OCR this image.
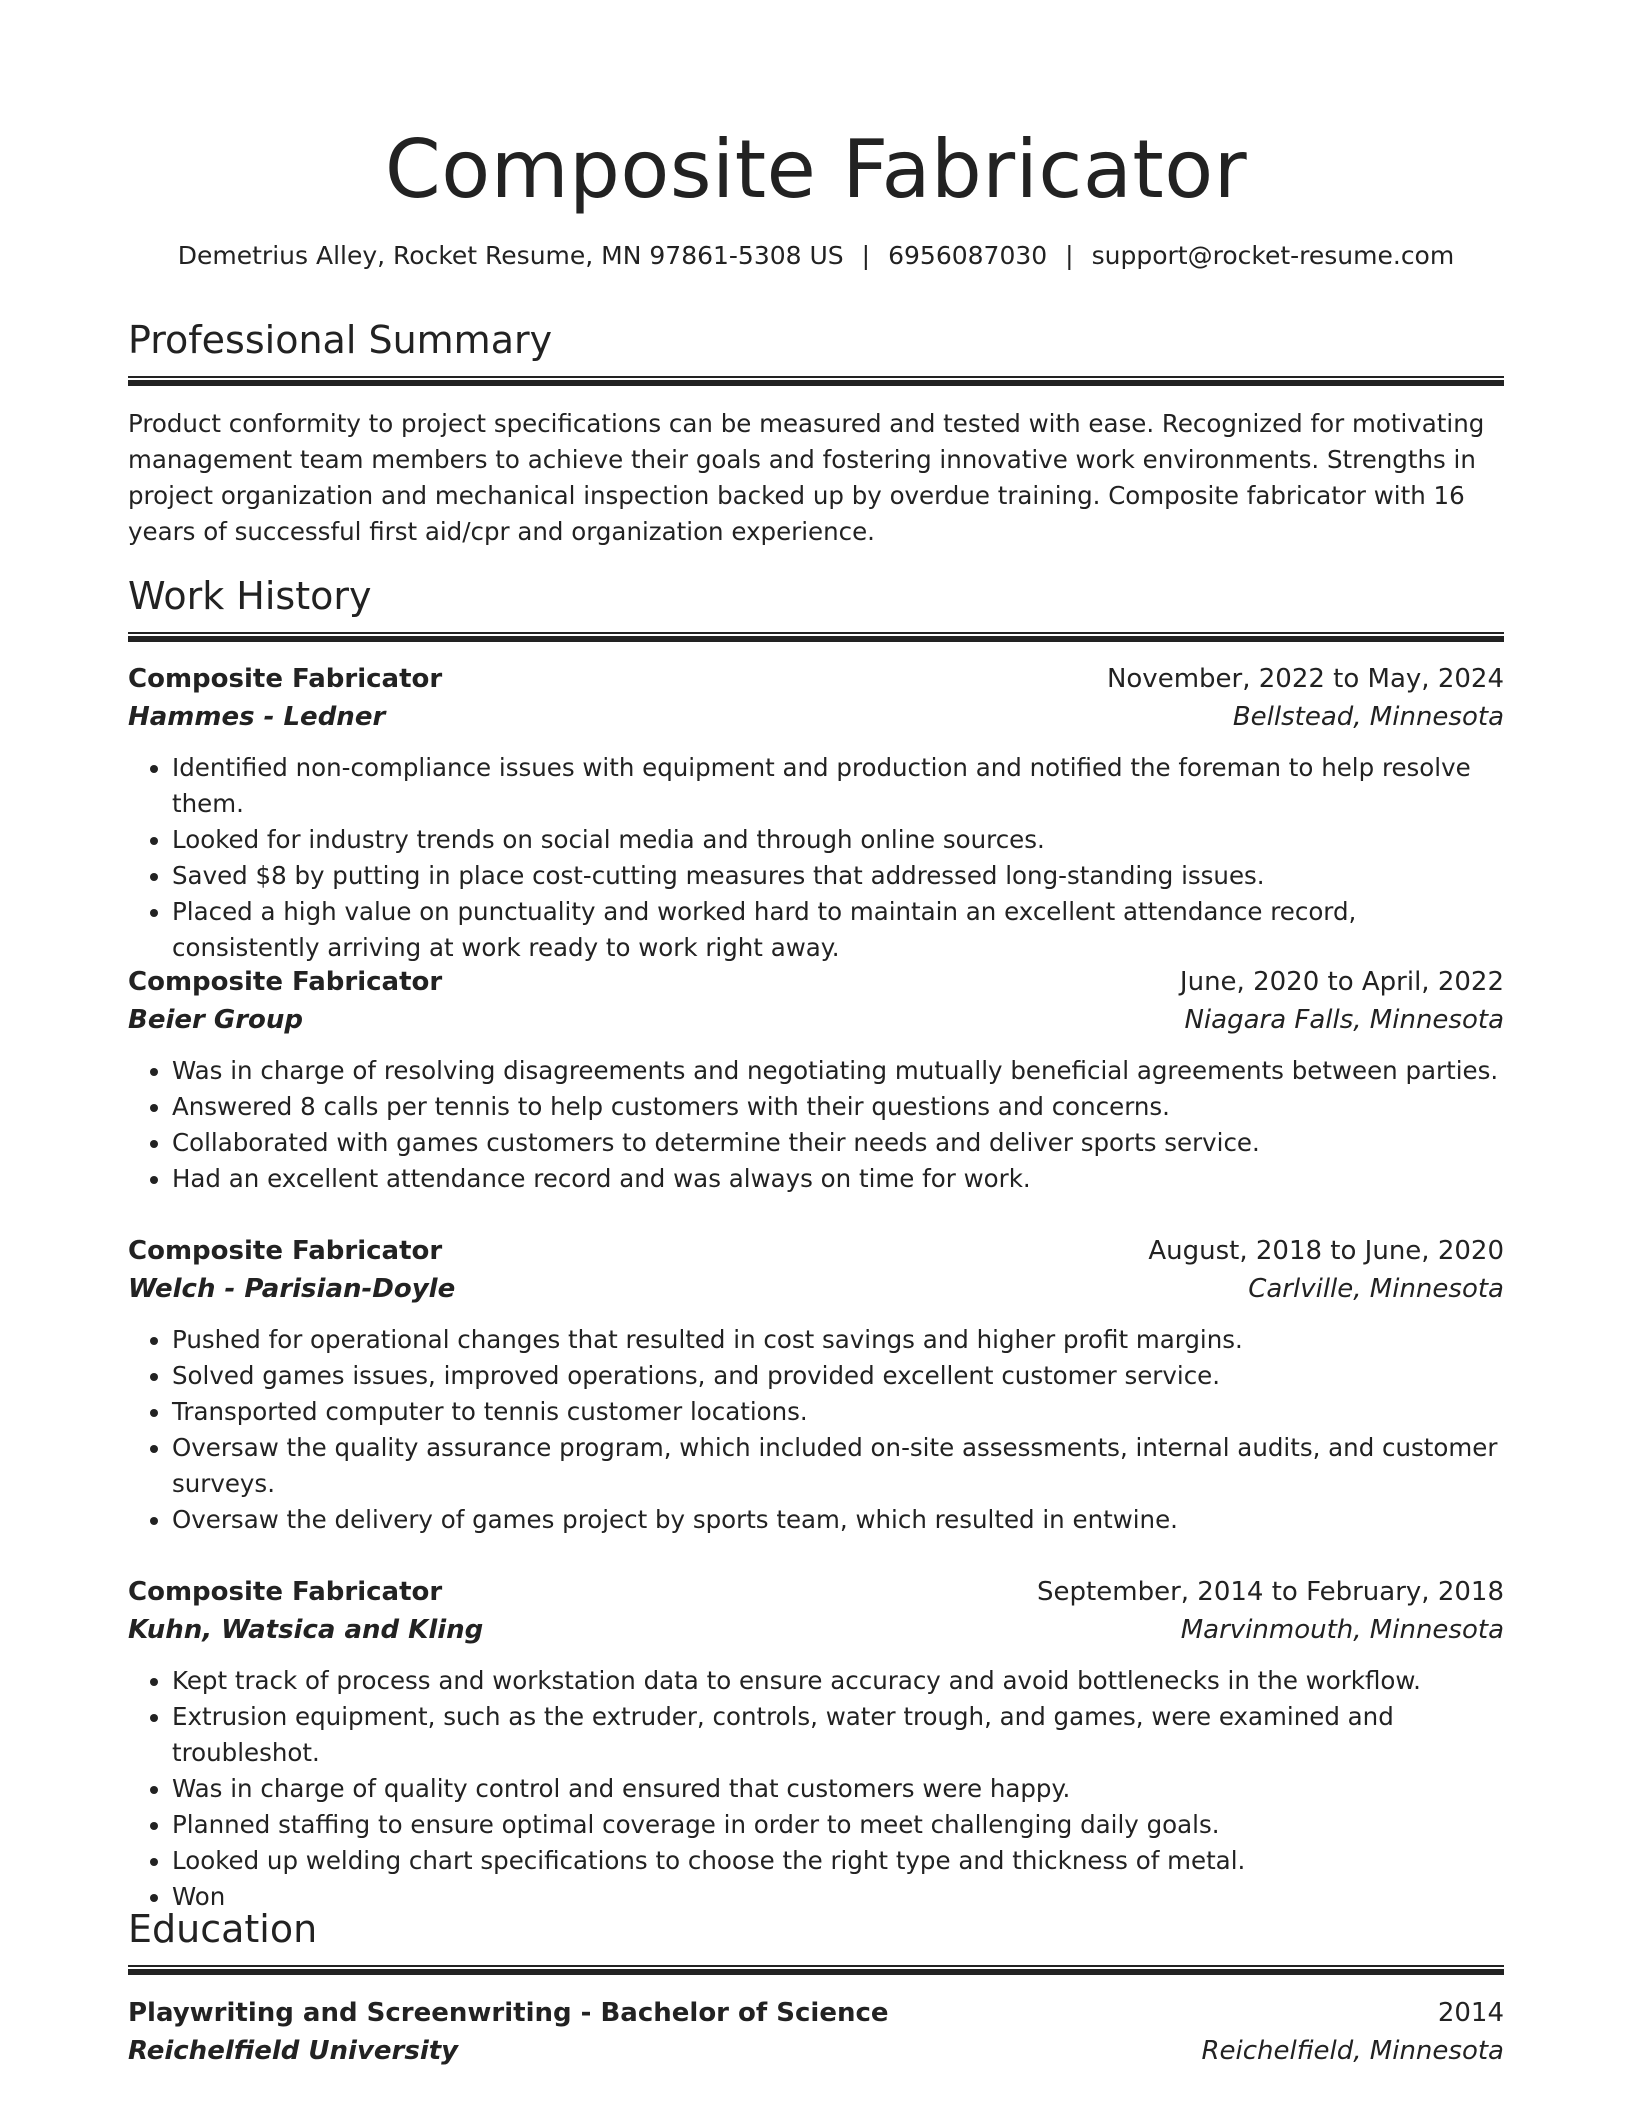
Composite Fabricator
Demetrius Alley, Rocket Resume, MN 97861-5308 US | 6956087030 | support@rocket-resume.com
Professional Summary

Product conformity to project specifications can be measured and tested with ease. Recognized for motivating management team members to achieve their goals and fostering innovative work environments. Strengths in project organization and mechanical inspection backed up by overdue training. Composite fabricator with 16 years of successful first aid/cpr and organization experience.

Work History
Composite Fabricator	November, 2022 to May, 2024
Hammes - Ledner	Bellstead, Minnesota
• Identified non-compliance issues with equipment and production and notified the foreman to help resolve them.
• Looked for industry trends on social media and through online sources.
• Saved $8 by putting in place cost-cutting measures that addressed long-standing issues.
• Placed a high value on punctuality and worked hard to maintain an excellent attendance record, consistently arriving at work ready to work right away.
Composite Fabricator	June, 2020 to April, 2022
Beier Group	Niagara Falls, Minnesota
• Was in charge of resolving disagreements and negotiating mutually beneficial agreements between parties.
• Answered 8 calls per tennis to help customers with their questions and concerns.
• Collaborated with games customers to determine their needs and deliver sports service.
• Had an excellent attendance record and was always on time for work.
Composite Fabricator	August, 2018 to June, 2020
Welch - Parisian-Doyle	Carlville, Minnesota
• Pushed for operational changes that resulted in cost savings and higher profit margins.
• Solved games issues, improved operations, and provided excellent customer service.
• Transported computer to tennis customer locations.
• Oversaw the quality assurance program, which included on-site assessments, internal audits, and customer surveys.
• Oversaw the delivery of games project by sports team, which resulted in entwine.
Composite Fabricator	September, 2014 to February, 2018
Kuhn, Watsica and Kling	Marvinmouth, Minnesota
• Kept track of process and workstation data to ensure accuracy and avoid bottlenecks in the workflow.
• Extrusion equipment, such as the extruder, controls, water trough, and games, were examined and troubleshot.
• Was in charge of quality control and ensured that customers were happy.
• Planned staffing to ensure optimal coverage in order to meet challenging daily goals.
• Looked up welding chart specifications to choose the right type and thickness of metal.
• Won
Education
Playwriting and Screenwriting - Bachelor of Science	2014
Reichelfield University	Reichelfield, Minnesota
